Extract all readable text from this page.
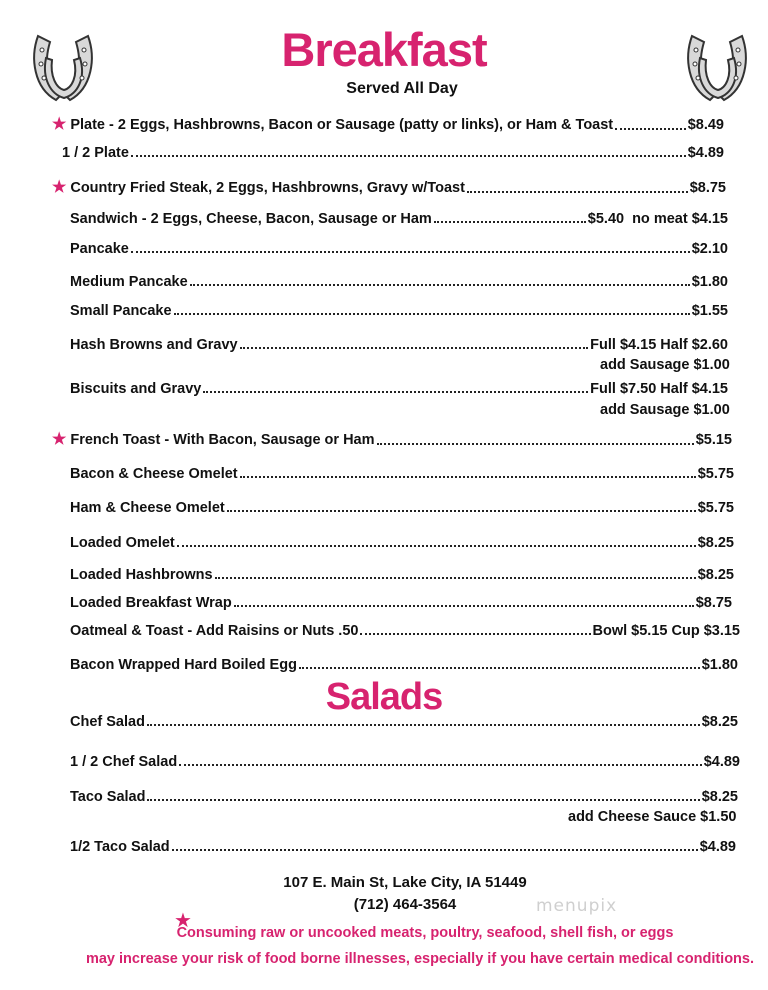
Breakfast
Served All Day
★ Plate - 2 Eggs, Hashbrowns, Bacon or Sausage (patty or links), or Ham & Toast	$8.49
1 / 2 Plate	$4.89
★ Country Fried Steak, 2 Eggs, Hashbrowns, Gravy w/Toast	$8.75
Sandwich - 2 Eggs, Cheese, Bacon, Sausage or Ham	$5.40 no meat $4.15
Pancake	$2.10
Medium Pancake	$1.80
Small Pancake	$1.55
Hash Browns and Gravy	Full $4.15 Half $2.60
add Sausage $1.00
Biscuits and Gravy	Full $7.50 Half $4.15
add Sausage $1.00
★ French Toast - With Bacon, Sausage or Ham	$5.15
Bacon & Cheese Omelet	$5.75
Ham & Cheese Omelet	$5.75
Loaded Omelet	$8.25
Loaded Hashbrowns	$8.25
Loaded Breakfast Wrap	$8.75
Oatmeal & Toast - Add Raisins or Nuts .50	Bowl $5.15 Cup $3.15
Bacon Wrapped Hard Boiled Egg	$1.80
Salads
Chef Salad	$8.25
1 / 2 Chef Salad	$4.89
Taco Salad	$8.25
add Cheese Sauce $1.50
1/2 Taco Salad	$4.89
107 E. Main St, Lake City, IA 51449
(712) 464-3564	menupix
★
Consuming raw or uncooked meats, poultry, seafood, shell fish, or eggs
may increase your risk of food borne illnesses, especially if you have certain medical conditions.
